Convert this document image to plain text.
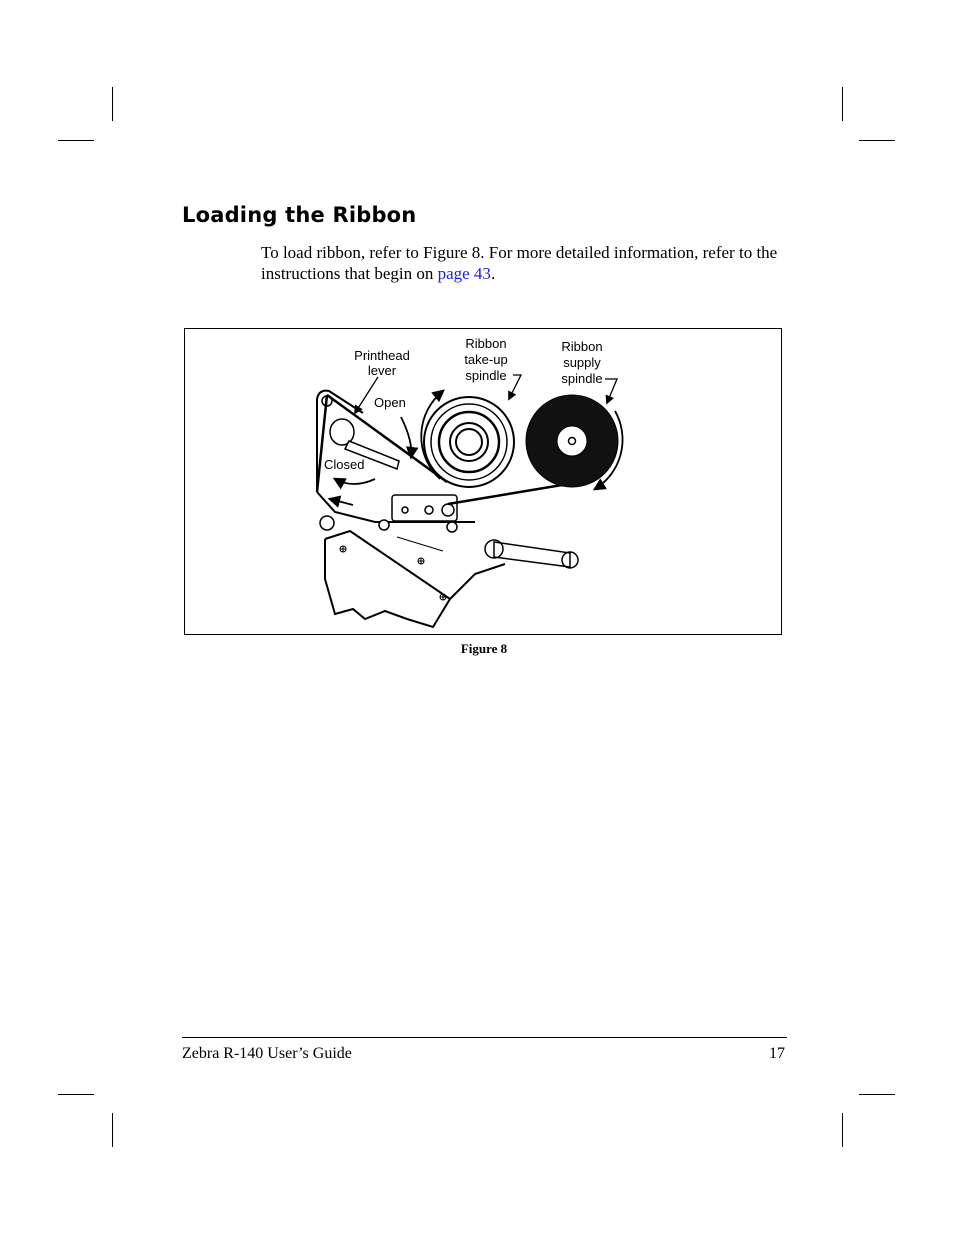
Loading the Ribbon

To load ribbon, refer to Figure 8. For more detailed information, refer to the instructions that begin on page 43.

Printhead
lever
Open
Closed
Ribbon
take-up
spindle
Ribbon
supply
spindle
Figure 8
Zebra R-140 User’s Guide	17
